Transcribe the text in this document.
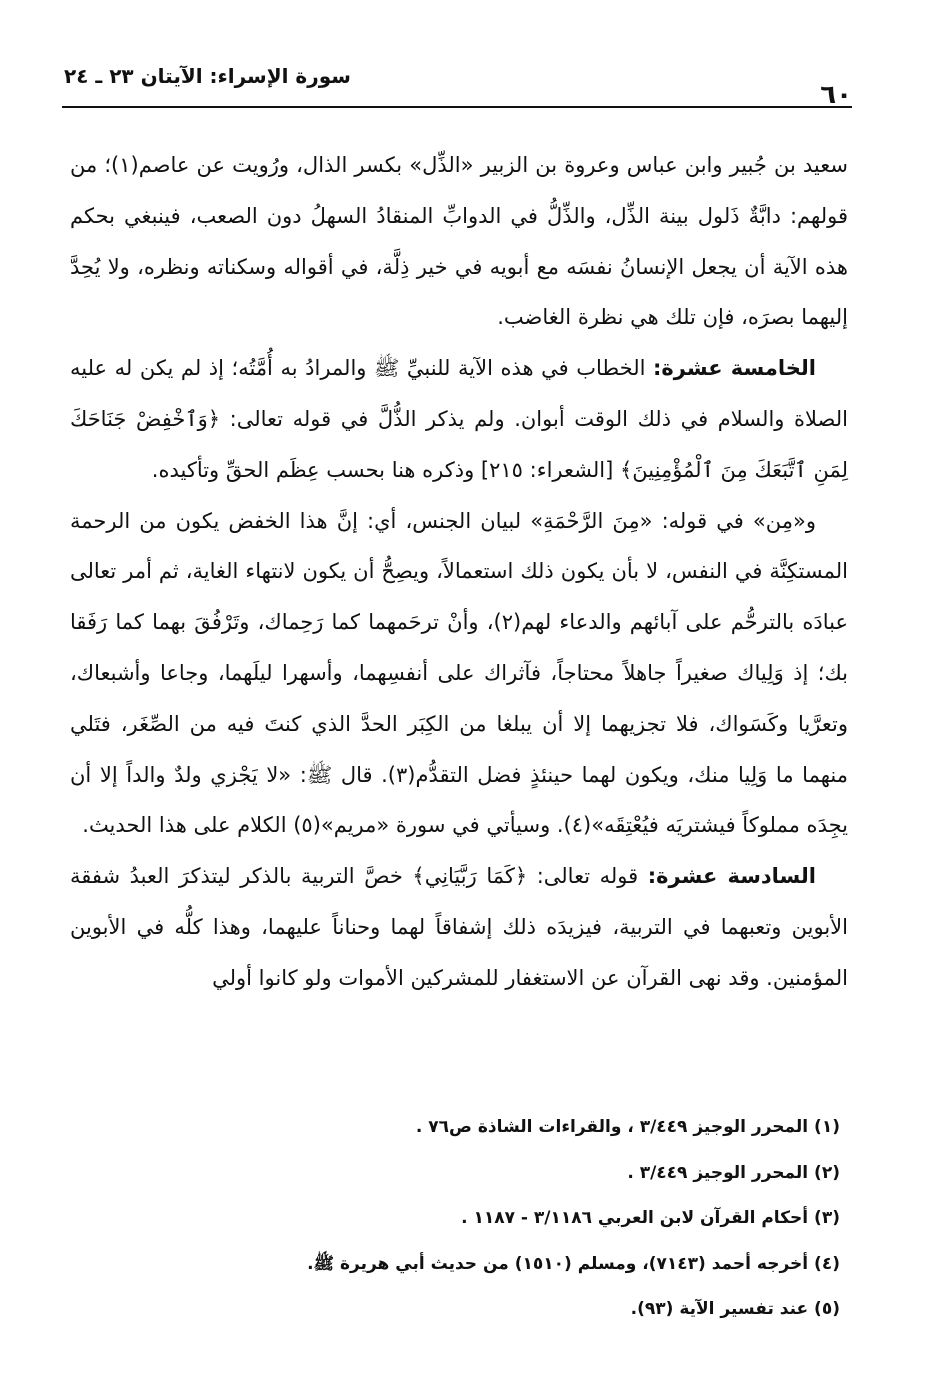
٦٠
سورة الإسراء: الآيتان ٢٣ ـ ٢٤

سعيد بن جُبير وابن عباس وعروة بن الزبير «الذِّل» بكسر الذال، ورُويت عن عاصم(١)؛ من قولهم: دابَّةٌ ذَلول بينة الذِّل، والذِّلُّ في الدوابِّ المنقادُ السهلُ دون الصعب، فينبغي بحكم هذه الآية أن يجعل الإنسانُ نفسَه مع أبويه في خير ذِلَّة، في أقواله وسكناته ونظره، ولا يُحِدَّ إليهما بصرَه، فإن تلك هي نظرة الغاضب.

الخامسة عشرة: الخطاب في هذه الآية للنبيِّ ﷺ والمرادُ به أُمَّتُه؛ إذ لم يكن له عليه الصلاة والسلام في ذلك الوقت أبوان. ولم يذكر الذُّلَّ في قوله تعالى: ﴿وَٱخْفِضْ جَنَاحَكَ لِمَنِ ٱتَّبَعَكَ مِنَ ٱلْمُؤْمِنِينَ﴾ [الشعراء: ٢١٥] وذكره هنا بحسب عِظَم الحقِّ وتأكيده.

و«مِن» في قوله: «مِنَ الرَّحْمَةِ» لبيان الجنس، أي: إنَّ هذا الخفض يكون من الرحمة المستكِنَّة في النفس، لا بأن يكون ذلك استعمالاً، ويصِحُّ أن يكون لانتهاء الغاية، ثم أمر تعالى عبادَه بالترحُّم على آبائهم والدعاء لهم(٢)، وأنْ ترحَمهما كما رَحِماك، وتَرْفُقَ بهما كما رَفَقا بك؛ إذ وَلِياك صغيراً جاهلاً محتاجاً، فآثراك على أنفسِهما، وأسهرا ليلَهما، وجاعا وأشبعاك، وتعرَّيا وكَسَواك، فلا تجزيهما إلا أن يبلغا من الكِبَر الحدَّ الذي كنتَ فيه من الصِّغَر، فتَلي منهما ما وَلِيا منك، ويكون لهما حينئذٍ فضل التقدُّم(٣). قال ﷺ: «لا يَجْزي ولدٌ والداً إلا أن يجِدَه مملوكاً فيشتريَه فيُعْتِقَه»(٤). وسيأتي في سورة «مريم»(٥) الكلام على هذا الحديث.

السادسة عشرة: قوله تعالى: ﴿كَمَا رَبَّيَانِي﴾ خصَّ التربية بالذكر ليتذكرَ العبدُ شفقة الأبوين وتعبهما في التربية، فيزيدَه ذلك إشفاقاً لهما وحناناً عليهما، وهذا كلُّه في الأبوين المؤمنين. وقد نهى القرآن عن الاستغفار للمشركين الأموات ولو كانوا أولي

(١) المحرر الوجيز ٣/٤٤٩ ، والقراءات الشاذة ص٧٦ .
(٢) المحرر الوجيز ٣/٤٤٩ .
(٣) أحكام القرآن لابن العربي ٣/١١٨٦ - ١١٨٧ .
(٤) أخرجه أحمد (٧١٤٣)، ومسلم (١٥١٠) من حديث أبي هريرة ﷺ.
(٥) عند تفسير الآية (٩٣).
